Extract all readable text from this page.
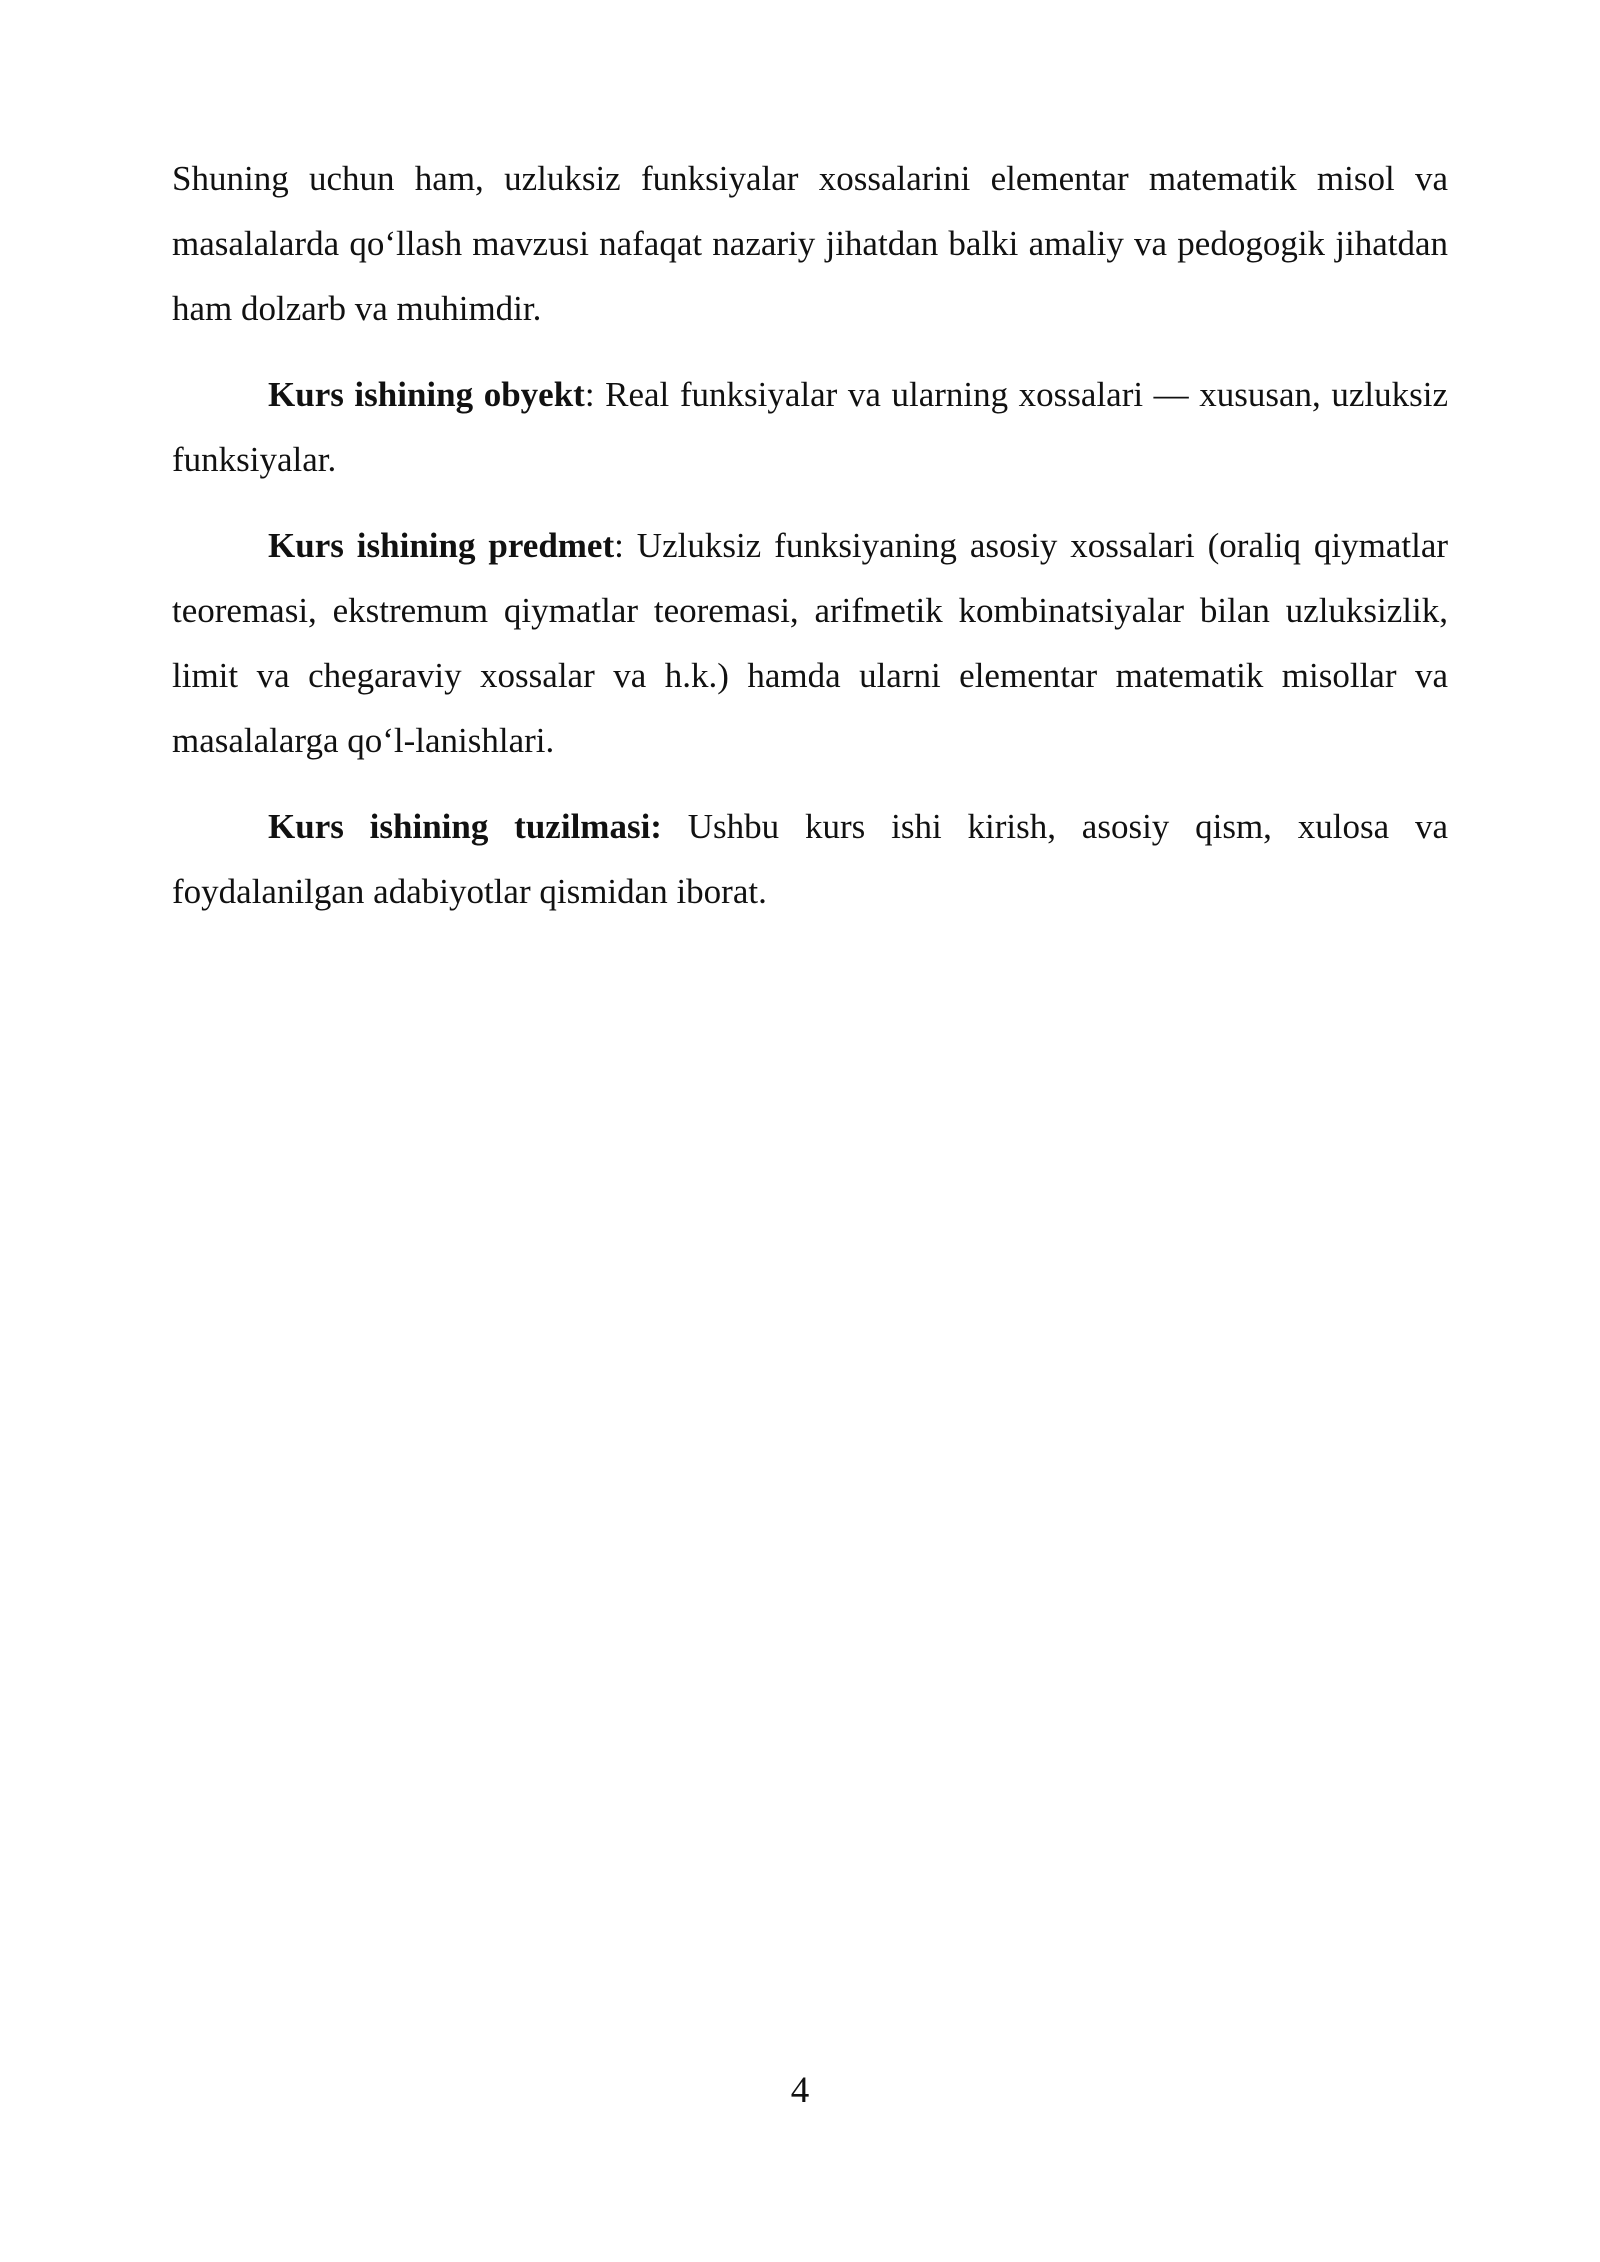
Shuning uchun ham, uzluksiz funksiyalar xossalarini elementar matematik misol va masalalarda qo‘llash mavzusi nafaqat nazariy jihatdan balki amaliy va pedogogik jihatdan ham dolzarb va muhimdir.

Kurs ishining obyekt: Real funksiyalar va ularning xossalari — xususan, uzluksiz funksiyalar.

Kurs ishining predmet: Uzluksiz funksiyaning asosiy xossalari (oraliq qiymatlar teoremasi, ekstremum qiymatlar teoremasi, arifmetik kombinatsiyalar bilan uzluksizlik, limit va chegaraviy xossalar va h.k.) hamda ularni elementar matematik misollar va masalalarga qo‘l-lanishlari.

Kurs ishining tuzilmasi: Ushbu kurs ishi kirish, asosiy qism, xulosa va foydalanilgan adabiyotlar qismidan iborat.

4
